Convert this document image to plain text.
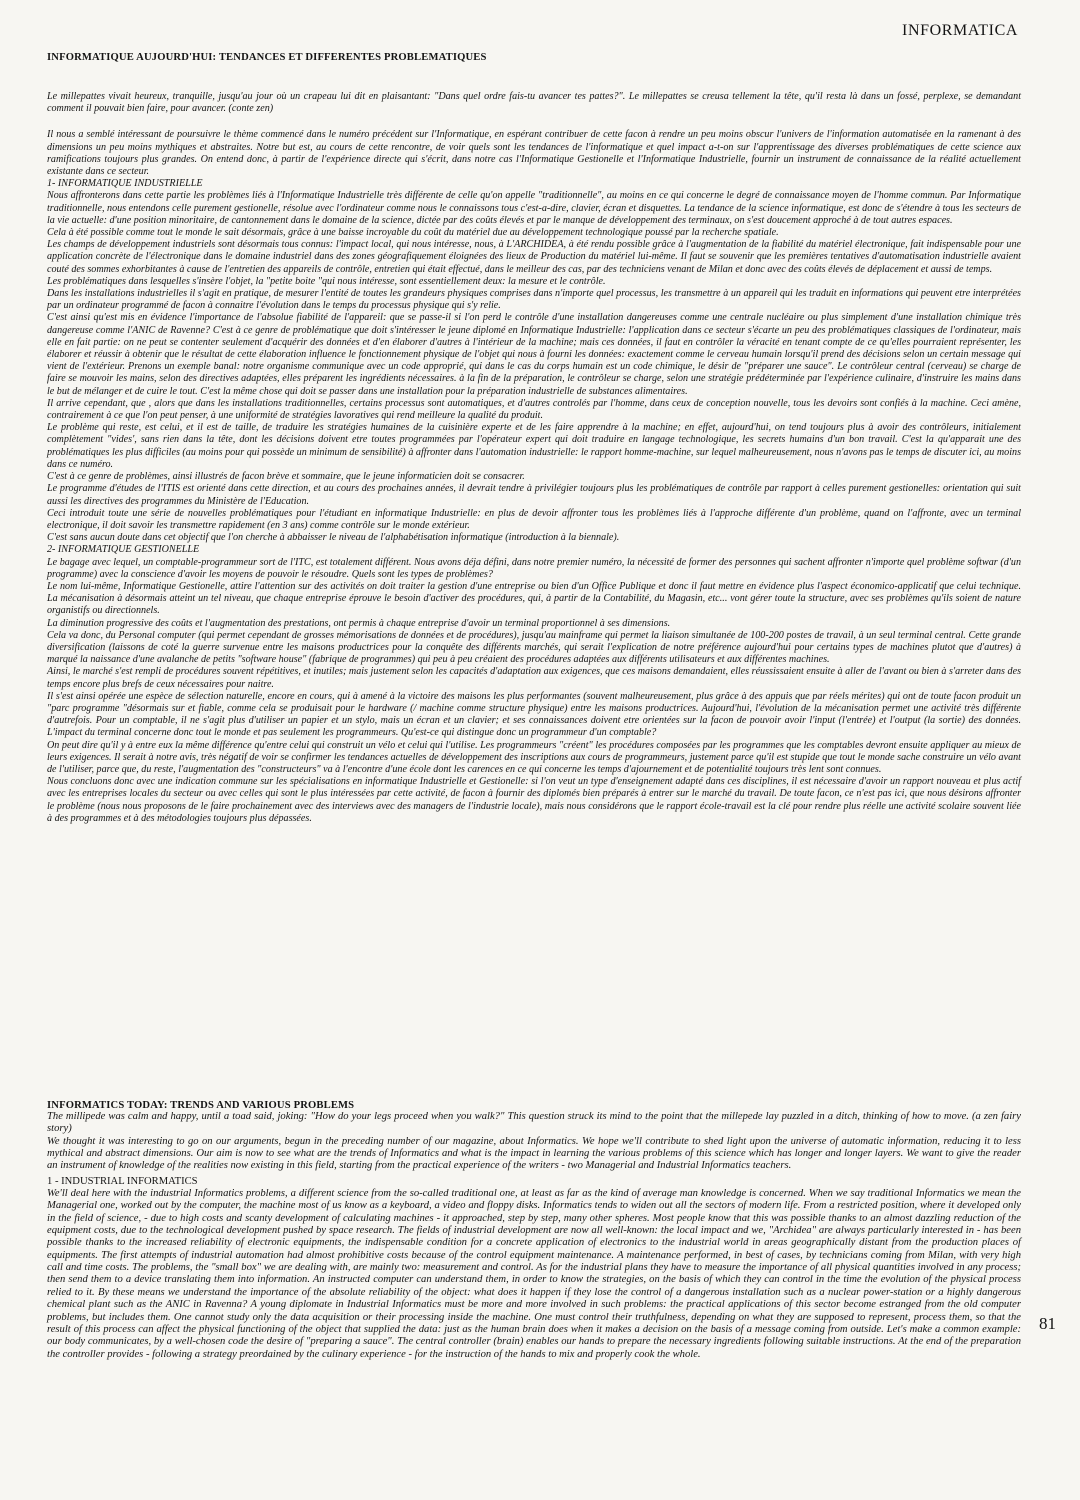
INFORMATICA

INFORMATIQUE AUJOURD'HUI: TENDANCES ET DIFFERENTES PROBLEMATIQUES

Le millepattes vivait heureux, tranquille, jusqu'au jour où un crapeau lui dit en plaisantant: "Dans quel ordre fais-tu avancer tes pattes?". Le millepattes se creusa tellement la tête, qu'il resta là dans un fossé, perplexe, se demandant comment il pouvait bien faire, pour avancer. (conte zen)

Il nous a semblé intéressant de poursuivre le thème commencé dans le numéro précédent sur l'Informatique, en espérant contribuer de cette facon à rendre un peu moins obscur l'univers de l'information automatisée en la ramenant à des dimensions un peu moins mythiques et abstraites. Notre but est, au cours de cette rencontre, de voir quels sont les tendances de l'informatique et quel impact a-t-on sur l'apprentissage des diverses problématiques de cette science aux ramifications toujours plus grandes. On entend donc, à partir de l'expérience directe qui s'écrit, dans notre cas l'Informatique Gestionelle et l'Informatique Industrielle, fournir un instrument de connaissance de la réalité actuellement existante dans ce secteur.

1- INFORMATIQUE INDUSTRIELLE

Nous affronterons dans cette partie les problèmes liés à l'Informatique Industrielle très différente de celle qu'on appelle "traditionnelle", au moins en ce qui concerne le degré de connaissance moyen de l'homme commun. Par Informatique traditionnelle, nous entendons celle purement gestionelle, résolue avec l'ordinateur comme nous le connaissons tous c'est-a-dire, clavier, écran et disquettes. La tendance de la science informatique, est donc de s'étendre à tous les secteurs de la vie actuelle: d'une position minoritaire, de cantonnement dans le domaine de la science, dictée par des coûts élevés et par le manque de développement des terminaux, on s'est doucement approché à de tout autres espaces.

Cela à été possible comme tout le monde le sait désormais, grâce à une baisse incroyable du coût du matériel due au développement technologique poussé par la recherche spatiale.

Les champs de développement industriels sont désormais tous connus: l'impact local, qui nous intéresse, nous, à L'ARCHIDEA, à été rendu possible grâce à l'augmentation de la fiabilité du matériel électronique, fait indispensable pour une application concrète de l'électronique dans le domaine industriel dans des zones géografiquement éloignées des lieux de Production du matériel lui-même. Il faut se souvenir que les premières tentatives d'automatisation industrielle avaient couté des sommes exhorbitantes à cause de l'entretien des appareils de contrôle, entretien qui était effectué, dans le meilleur des cas, par des techniciens venant de Milan et donc avec des coûts élevés de déplacement et aussi de temps.

Les problématiques dans lesquelles s'insère l'objet, la "petite boite "qui nous intéresse, sont essentiellement deux: la mesure et le contrôle.

Dans les installations industrielles il s'agit en pratique, de mesurer l'entité de toutes les grandeurs physiques comprises dans n'importe quel processus, les transmettre à un appareil qui les traduit en informations qui peuvent etre interprétées par un ordinateur programmé de facon à connaitre l'évolution dans le temps du processus physique qui s'y relie.

C'est ainsi qu'est mis en évidence l'importance de l'absolue fiabilité de l'appareil: que se passe-il si l'on perd le contrôle d'une installation dangereuses comme une centrale nucléaire ou plus simplement d'une installation chimique très dangereuse comme l'ANIC de Ravenne? C'est à ce genre de problématique que doit s'intéresser le jeune diplomé en Informatique Industrielle: l'application dans ce secteur s'écarte un peu des problématiques classiques de l'ordinateur, mais elle en fait partie: on ne peut se contenter seulement d'acquérir des données et d'en élaborer d'autres à l'intérieur de la machine; mais ces données, il faut en contrôler la véracité en tenant compte de ce qu'elles pourraient représenter, les élaborer et réussir à obtenir que le résultat de cette élaboration influence le fonctionnement physique de l'objet qui nous à fourni les données: exactement comme le cerveau humain lorsqu'il prend des décisions selon un certain message qui vient de l'extérieur. Prenons un exemple banal: notre organisme communique avec un code approprié, qui dans le cas du corps humain est un code chimique, le désir de "préparer une sauce". Le contrôleur central (cerveau) se charge de faire se mouvoir les mains, selon des directives adaptées, elles préparent les ingrédients nécessaires. à la fin de la préparation, le contrôleur se charge, selon une stratégie prédéterminée par l'expérience culinaire, d'instruire les mains dans le but de mélanger et de cuire le tout. C'est la même chose qui doit se passer dans une installation pour la préparation industrielle de substances alimentaires.

Il arrive cependant, que , alors que dans les installations traditionnelles, certains processus sont automatiques, et d'autres controlés par l'homme, dans ceux de conception nouvelle, tous les devoirs sont confiés à la machine. Ceci amène, contrairement à ce que l'on peut penser, à une uniformité de stratégies lavoratives qui rend meilleure la qualité du produit.

Le problème qui reste, est celui, et il est de taille, de traduire les stratégies humaines de la cuisinière experte et de les faire apprendre à la machine; en effet, aujourd'hui, on tend toujours plus à avoir des contrôleurs, initialement complètement "vides', sans rien dans la tête, dont les décisions doivent etre toutes programmées par l'opérateur expert qui doit traduire en langage technologique, les secrets humains d'un bon travail. C'est la qu'apparait une des problématiques les plus difficiles (au moins pour qui possède un minimum de sensibilité) à affronter dans l'automation industrielle: le rapport homme-machine, sur lequel malheureusement, nous n'avons pas le temps de discuter ici, au moins dans ce numéro.

C'est à ce genre de problèmes, ainsi illustrés de facon brève et sommaire, que le jeune informaticien doit se consacrer.

Le programme d'études de l'ITIS est orienté dans cette direction, et au cours des prochaines années, il devrait tendre à privilégier toujours plus les problématiques de contrôle par rapport à celles purement gestionelles: orientation qui suit aussi les directives des programmes du Ministère de l'Education.

Ceci introduit toute une série de nouvelles problématiques pour l'étudiant en informatique Industrielle: en plus de devoir affronter tous les problèmes liés à l'approche différente d'un problème, quand on l'affronte, avec un terminal electronique, il doit savoir les transmettre rapidement (en 3 ans) comme contrôle sur le monde extérieur.

C'est sans aucun doute dans cet objectif que l'on cherche à abbaisser le niveau de l'alphabétisation informatique (introduction à la biennale).

2- INFORMATIQUE GESTIONELLE

Le bagage avec lequel, un comptable-programmeur sort de l'ITC, est totalement différent. Nous avons déja défini, dans notre premier numéro, la nécessité de former des personnes qui sachent affronter n'importe quel problème softwar (d'un programme) avec la conscience d'avoir les moyens de pouvoir le résoudre. Quels sont les types de problèmes?

Le nom lui-même, Informatique Gestionelle, attire l'attention sur des activités on doit traiter la gestion d'une entreprise ou bien d'un Office Publique et donc il faut mettre en évidence plus l'aspect économico-applicatif que celui technique. La mécanisation à désormais atteint un tel niveau, que chaque entreprise éprouve le besoin d'activer des procédures, qui, à partir de la Contabilité, du Magasin, etc... vont gérer toute la structure, avec ses problèmes qu'ils soient de nature organistifs ou directionnels.

La diminution progressive des coûts et l'augmentation des prestations, ont permis à chaque entreprise d'avoir un terminal proportionnel à ses dimensions.

Cela va donc, du Personal computer (qui permet cependant de grosses mémorisations de données et de procédures), jusqu'au mainframe qui permet la liaison simultanée de 100-200 postes de travail, à un seul terminal central. Cette grande diversification (laissons de coté la guerre survenue entre les maisons productrices pour la conquête des différents marchés, qui serait l'explication de notre préférence aujourd'hui pour certains types de machines plutot que d'autres) à marqué la naissance d'une avalanche de petits "software house" (fabrique de programmes) qui peu à peu créaient des procédures adaptées aux différents utilisateurs et aux différentes machines.

Ainsi, le marché s'est rempli de procédures souvent répétitives, et inutiles; mais justement selon les capacités d'adaptation aux exigences, que ces maisons demandaient, elles réussissaient ensuite à aller de l'avant ou bien à s'arreter dans des temps encore plus brefs de ceux nécessaires pour naitre.

Il s'est ainsi opérée une espèce de sélection naturelle, encore en cours, qui à amené à la victoire des maisons les plus performantes (souvent malheureusement, plus grâce à des appuis que par réels mérites) qui ont de toute facon produit un "parc programme "désormais sur et fiable, comme cela se produisait pour le hardware (/ machine comme structure physique) entre les maisons productrices. Aujourd'hui, l'évolution de la mécanisation permet une activité très différente d'autrefois. Pour un comptable, il ne s'agit plus d'utiliser un papier et un stylo, mais un écran et un clavier; et ses connaissances doivent etre orientées sur la facon de pouvoir avoir l'input (l'entrée) et l'output (la sortie) des données. L'impact du terminal concerne donc tout le monde et pas seulement les programmeurs. Qu'est-ce qui distingue donc un programmeur d'un comptable?

On peut dire qu'il y à entre eux la même différence qu'entre celui qui construit un vélo et celui qui l'utilise. Les programmeurs "créent" les procédures composées par les programmes que les comptables devront ensuite appliquer au mieux de leurs exigences. Il serait à notre avis, très négatif de voir se confirmer les tendances actuelles de développement des inscriptions aux cours de programmeurs, justement parce qu'il est stupide que tout le monde sache construire un vélo avant de l'utiliser, parce que, du reste, l'augmentation des "constructeurs" va à l'encontre d'une école dont les carences en ce qui concerne les temps d'ajournement et de potentialité toujours très lent sont connues.

Nous concluons donc avec une indication commune sur les spécialisations en informatique Industrielle et Gestionelle: si l'on veut un type d'enseignement adapté dans ces disciplines, il est nécessaire d'avoir un rapport nouveau et plus actif avec les entreprises locales du secteur ou avec celles qui sont le plus intéressées par cette activité, de facon à fournir des diplomés bien préparés à entrer sur le marché du travail. De toute facon, ce n'est pas ici, que nous désirons affronter le problème (nous nous proposons de le faire prochainement avec des interviews avec des managers de l'industrie locale), mais nous considérons que le rapport école-travail est la clé pour rendre plus réelle une activité scolaire souvent liée à des programmes et à des métodologies toujours plus dépassées.

INFORMATICS TODAY: TRENDS AND VARIOUS PROBLEMS

The millipede was calm and happy, until a toad said, joking: "How do your legs proceed when you walk?" This question struck its mind to the point that the millepede lay puzzled in a ditch, thinking of how to move. (a zen fairy story)

We thought it was interesting to go on our arguments, begun in the preceding number of our magazine, about Informatics. We hope we'll contribute to shed light upon the universe of automatic information, reducing it to less mythical and abstract dimensions. Our aim is now to see what are the trends of Informatics and what is the impact in learning the various problems of this science which has longer and longer layers. We want to give the reader an instrument of knowledge of the realities now existing in this field, starting from the practical experience of the writers - two Managerial and Industrial Informatics teachers.

1 - INDUSTRIAL INFORMATICS

We'll deal here with the industrial Informatics problems, a different science from the so-called traditional one, at least as far as the kind of average man knowledge is concerned. When we say traditional Informatics we mean the Managerial one, worked out by the computer, the machine most of us know as a keyboard, a video and floppy disks. Informatics tends to widen out all the sectors of modern life. From a restricted position, where it developed only in the field of science, - due to high costs and scanty development of calculating machines - it approached, step by step, many other spheres. Most people know that this was possible thanks to an almost dazzling reduction of the equipment costs, due to the technological development pushed by space research. The fields of industrial development are now all well-known: the local impact and we, "Archidea" are always particularly interested in - has been possible thanks to the increased reliability of electronic equipments, the indispensable condition for a concrete application of electronics to the industrial world in areas geographically distant from the production places of equipments. The first attempts of industrial automation had almost prohibitive costs because of the control equipment maintenance. A maintenance performed, in best of cases, by technicians coming from Milan, with very high call and time costs. The problems, the "small box" we are dealing with, are mainly two: measurement and control. As for the industrial plans they have to measure the importance of all physical quantities involved in any process; then send them to a device translating them into information. An instructed computer can understand them, in order to know the strategies, on the basis of which they can control in the time the evolution of the physical process relied to it. By these means we understand the importance of the absolute reliability of the object: what does it happen if they lose the control of a dangerous installation such as a nuclear power-station or a highly dangerous chemical plant such as the ANIC in Ravenna? A young diplomate in Industrial Informatics must be more and more involved in such problems: the practical applications of this sector become estranged from the old computer problems, but includes them. One cannot study only the data acquisition or their processing inside the machine. One must control their truthfulness, depending on what they are supposed to represent, process them, so that the result of this process can affect the physical functioning of the object that supplied the data: just as the human brain does when it makes a decision on the basis of a message coming from outside. Let's make a common example: our body communicates, by a well-chosen code the desire of "preparing a sauce". The central controller (brain) enables our hands to prepare the necessary ingredients following suitable instructions. At the end of the preparation the controller provides - following a strategy preordained by the culinary experience - for the instruction of the hands to mix and properly cook the whole.

81
